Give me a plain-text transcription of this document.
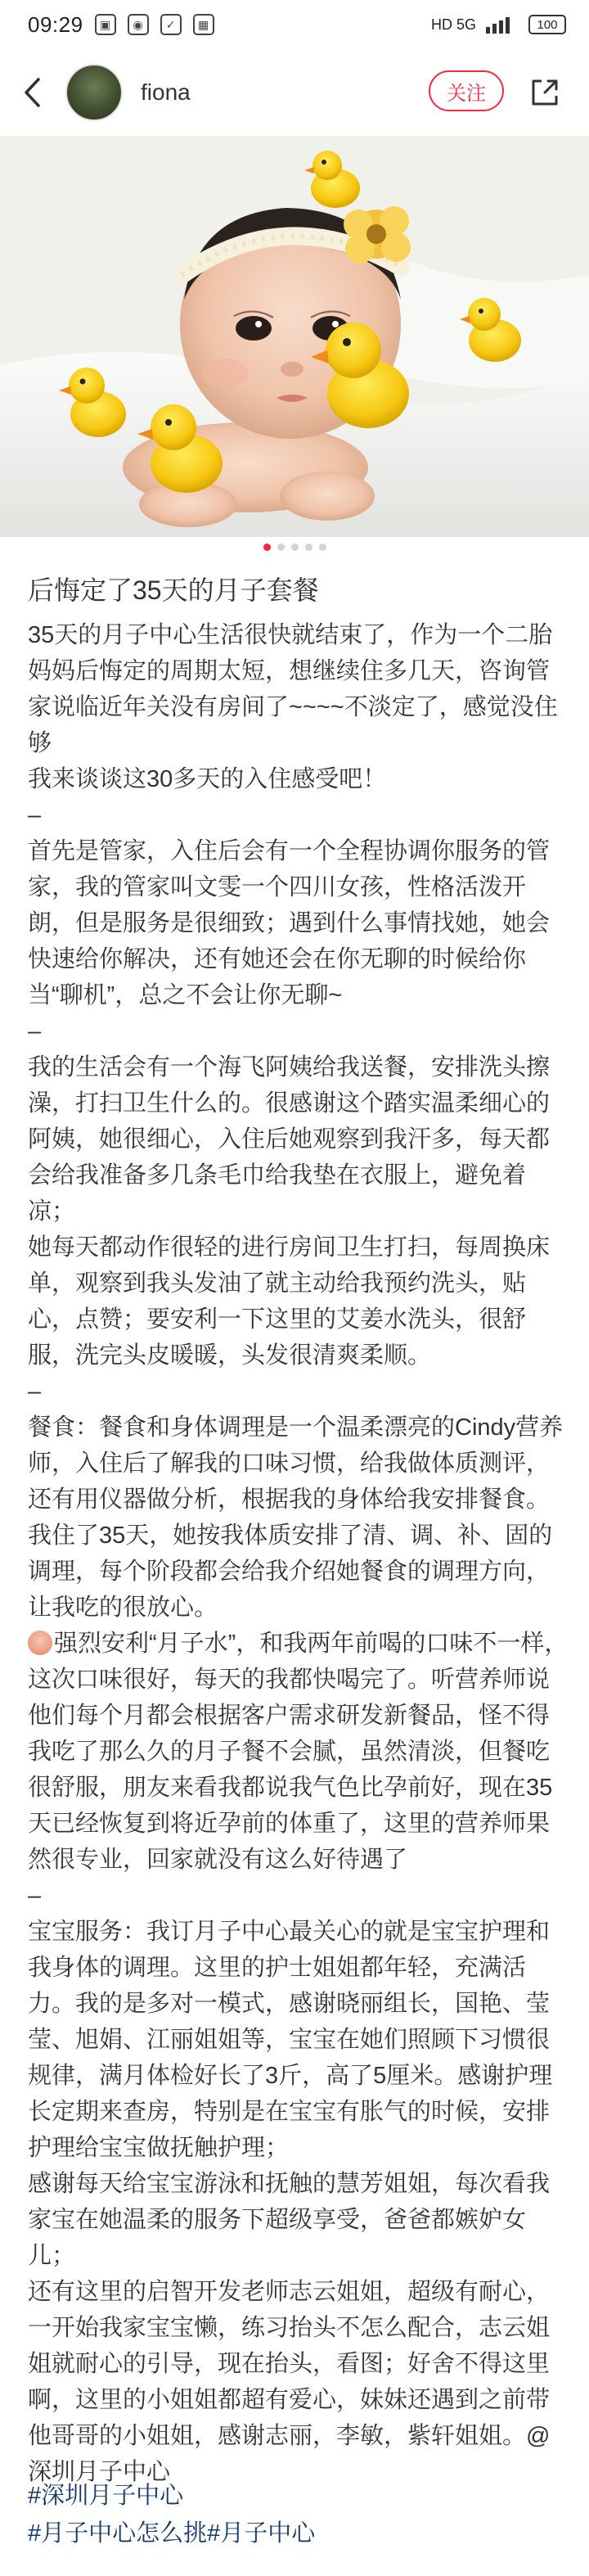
09:29	▣	◉	✓	▦	HD 5G	100
fiona	关注
后悔定了35天的月子套餐

35天的月子中心生活很快就结束了，作为一个二胎妈妈后悔定的周期太短，想继续住多几天，咨询管家说临近年关没有房间了~~~~不淡定了，感觉没住够

我来谈谈这30多天的入住感受吧！

–

首先是管家，入住后会有一个全程协调你服务的管家，我的管家叫文雯一个四川女孩，性格活泼开朗，但是服务是很细致；遇到什么事情找她，她会快速给你解决，还有她还会在你无聊的时候给你当“聊机”，总之不会让你无聊~

–

我的生活会有一个海飞阿姨给我送餐，安排洗头擦澡，打扫卫生什么的。很感谢这个踏实温柔细心的阿姨，她很细心，入住后她观察到我汗多，每天都会给我准备多几条毛巾给我垫在衣服上，避免着凉；

她每天都动作很轻的进行房间卫生打扫，每周换床单，观察到我头发油了就主动给我预约洗头，贴心，点赞；要安利一下这里的艾姜水洗头，很舒服，洗完头皮暖暖，头发很清爽柔顺。

–

餐食：餐食和身体调理是一个温柔漂亮的Cindy营养师，入住后了解我的口味习惯，给我做体质测评，还有用仪器做分析，根据我的身体给我安排餐食。我住了35天，她按我体质安排了清、调、补、固的调理，每个阶段都会给我介绍她餐食的调理方向，让我吃的很放心。

强烈安利“月子水”，和我两年前喝的口味不一样，这次口味很好，每天的我都快喝完了。听营养师说他们每个月都会根据客户需求研发新餐品，怪不得我吃了那么久的月子餐不会腻，虽然清淡，但餐吃很舒服，朋友来看我都说我气色比孕前好，现在35天已经恢复到将近孕前的体重了，这里的营养师果然很专业，回家就没有这么好待遇了

–

宝宝服务：我订月子中心最关心的就是宝宝护理和我身体的调理。这里的护士姐姐都年轻，充满活力。我的是多对一模式，感谢晓丽组长，国艳、莹莹、旭娟、江丽姐姐等，宝宝在她们照顾下习惯很规律，满月体检好长了3斤，高了5厘米。感谢护理长定期来查房，特别是在宝宝有胀气的时候，安排护理给宝宝做抚触护理；

感谢每天给宝宝游泳和抚触的慧芳姐姐，每次看我家宝在她温柔的服务下超级享受，爸爸都嫉妒女儿；

还有这里的启智开发老师志云姐姐，超级有耐心，一开始我家宝宝懒，练习抬头不怎么配合，志云姐姐就耐心的引导，现在抬头，看图；好舍不得这里啊，这里的小姐姐都超有爱心，妹妹还遇到之前带他哥哥的小姐姐，感谢志丽，李敏，紫轩姐姐。@深圳月子中心

#深圳月子中心
#月子中心怎么挑#月子中心
